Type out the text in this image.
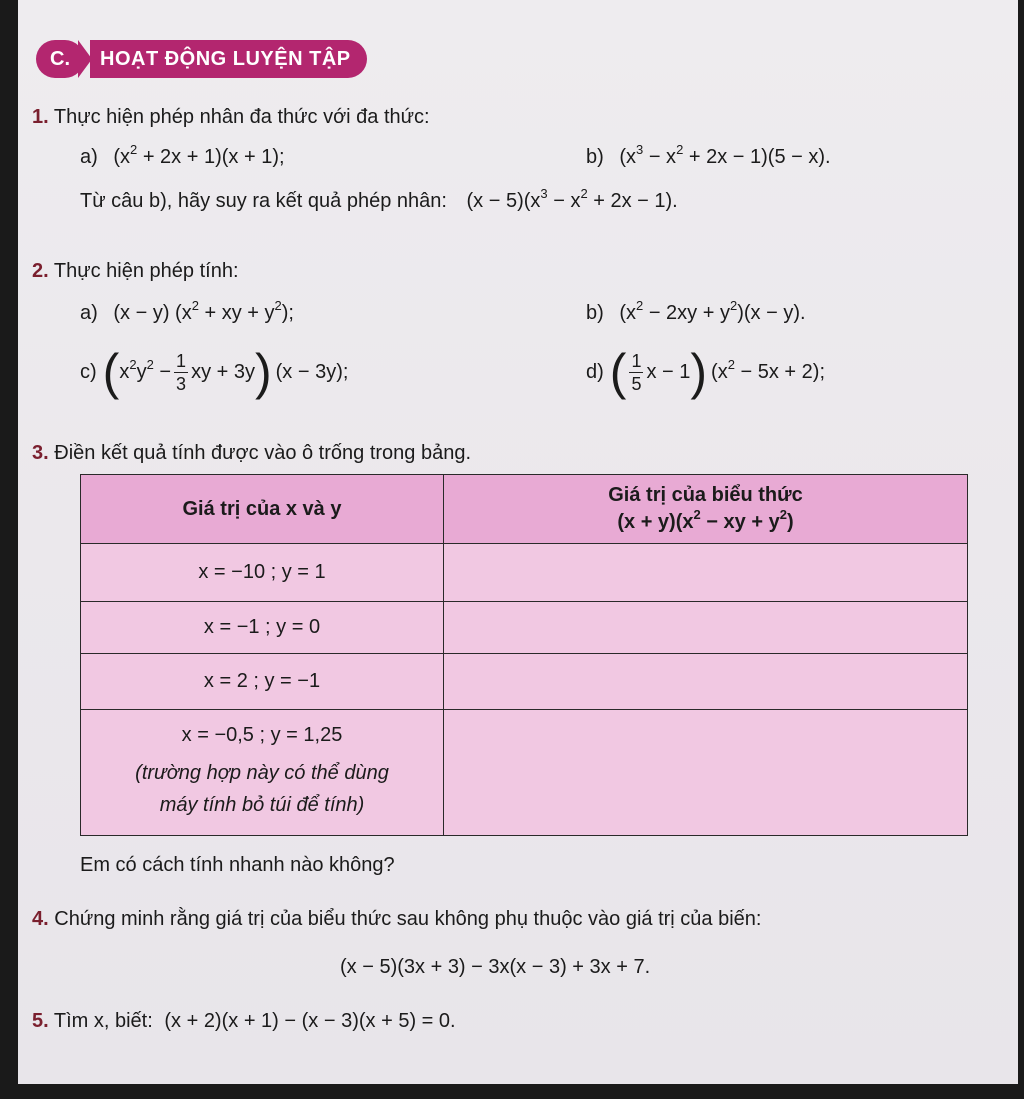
C.	HOẠT ĐỘNG LUYỆN TẬP
1. Thực hiện phép nhân đa thức với đa thức:
a) $(x^2 + 2x + 1)(x + 1)$;	b) $(x^3 - x^2 + 2x - 1)(5 - x)$.
Từ câu b), hãy suy ra kết quả phép nhân: $(x - 5)(x^3 - x^2 + 2x - 1)$.
2. Thực hiện phép tính:
a) (x − y) ($x^2$ + xy + $y^2$);	b) $(x^2 - 2xy + y^2)(x - y)$.
c) ( $x^2y^2 - \frac{1}{3}$ xy + 3y ) (x − 3y);	d) ( $\frac{1}{5}$ x − 1 ) $(x^2 - 5x + 2)$;
3. Điền kết quả tính được vào ô trống trong bảng.
Giá trị của x và y	Giá trị của biểu thức
$(x + y)(x^2$ − xy + $y^2$)

x = −10 ; y = 1	
x = −1 ; y = 0	
x = 2 ; y = −1	

x = −0,5 ; y = 1,25
(trường hợp này có thể dùng
máy tính bỏ túi để tính)	

Em có cách tính nhanh nào không?
4. Chứng minh rằng giá trị của biểu thức sau không phụ thuộc vào giá trị của biến:
(x − 5)(3x + 3) − 3x(x − 3) + 3x + 7.
5. Tìm x, biết: (x + 2)(x + 1) − (x − 3)(x + 5) = 0.
